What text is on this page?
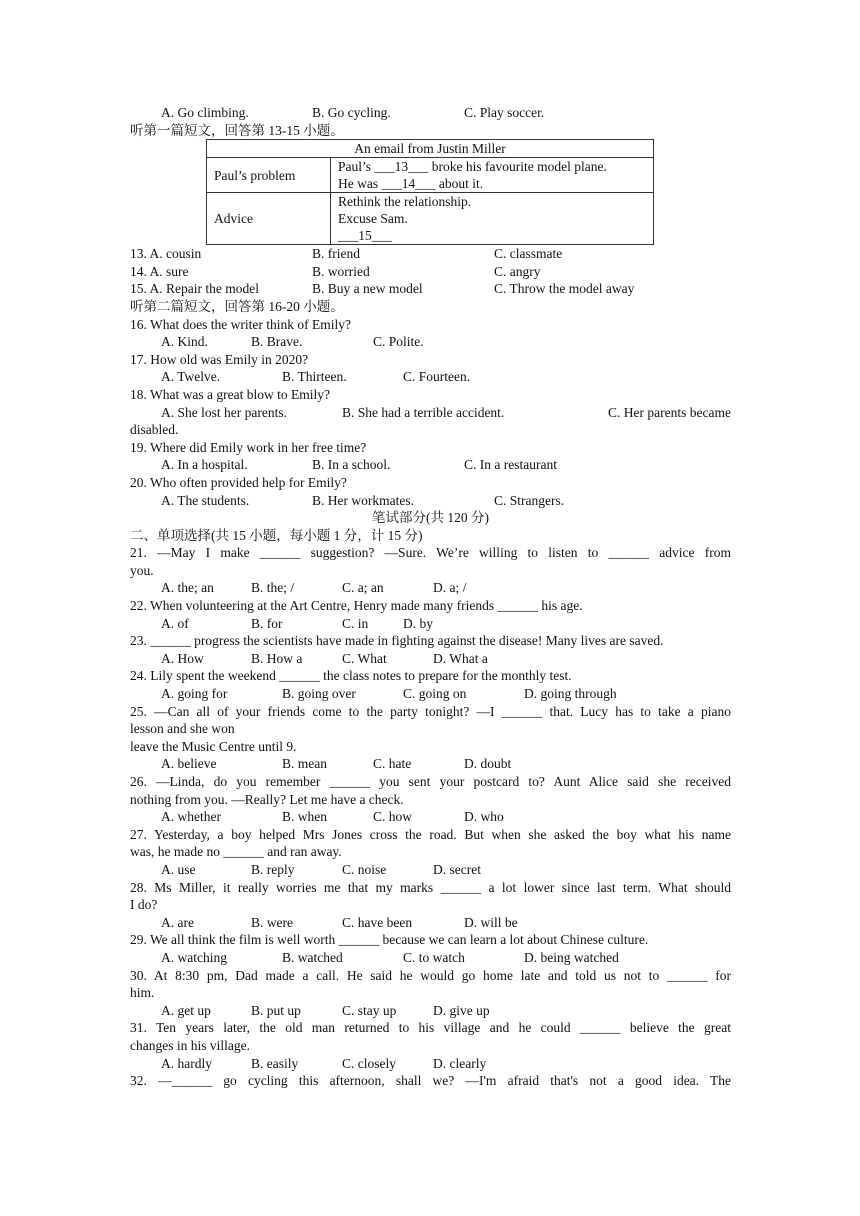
A. Go climbing.	B. Go cycling.	C. Play soccer.
听第一篇短文，回答第 13-15 小题。
An email from Justin Miller	
Paul’s problem	Paul’s ___13___ broke his favourite model plane.
He was ___14___ about it.

Advice	Rethink the relationship.
Excuse Sam.
___15___
13. A. cousin	B. friend	C. classmate
14. A. sure	B. worried	C. angry
15. A. Repair the model	B. Buy a new model	C. Throw the model away
听第二篇短文，回答第 16-20 小题。
16. What does the writer think of Emily?
A. Kind.	B. Brave.	C. Polite.
17. How old was Emily in 2020?
A. Twelve.	B. Thirteen.	C. Fourteen.
18. What was a great blow to Emily?
A. She lost her parents.	B. She had a terrible accident.	C. Her parents became
disabled.
19. Where did Emily work in her free time?
A. In a hospital.	B. In a school.	C. In a restaurant
20. Who often provided help for Emily?
A. The students.	B. Her workmates.	C. Strangers.
笔试部分(共 120 分)
二、单项选择(共 15 小题，每小题 1 分，计 15 分)
21. —May I make ______ suggestion? —Sure. We’re willing to listen to ______ advice from
you.
A. the; an	B. the; /	C. a; an	D. a; /
22. When volunteering at the Art Centre, Henry made many friends ______ his age.
A. of	B. for	C. in	D. by
23. ______ progress the scientists have made in fighting against the disease! Many lives are saved.
A. How	B. How a	C. What	D. What a
24. Lily spent the weekend ______ the class notes to prepare for the monthly test.
A. going for	B. going over	C. going on	D. going through
25. —Can all of your friends come to the party tonight? —I ______ that. Lucy has to take a piano
lesson and she won
leave the Music Centre until 9.
A. believe	B. mean	C. hate	D. doubt
26. —Linda, do you remember ______ you sent your postcard to? Aunt Alice said she received
nothing from you. —Really? Let me have a check.
A. whether	B. when	C. how	D. who
27. Yesterday, a boy helped Mrs Jones cross the road. But when she asked the boy what his name
was, he made no ______ and ran away.
A. use	B. reply	C. noise	D. secret
28. Ms Miller, it really worries me that my marks ______ a lot lower since last term. What should
I do?
A. are	B. were	C. have been	D. will be
29. We all think the film is well worth ______ because we can learn a lot about Chinese culture.
A. watching	B. watched	C. to watch	D. being watched
30. At 8:30 pm, Dad made a call. He said he would go home late and told us not to ______ for
him.
A. get up	B. put up	C. stay up	D. give up
31. Ten years later, the old man returned to his village and he could ______ believe the great
changes in his village.
A. hardly	B. easily	C. closely	D. clearly
32. —______ go cycling this afternoon, shall we? —I'm afraid that's not a good idea. The
